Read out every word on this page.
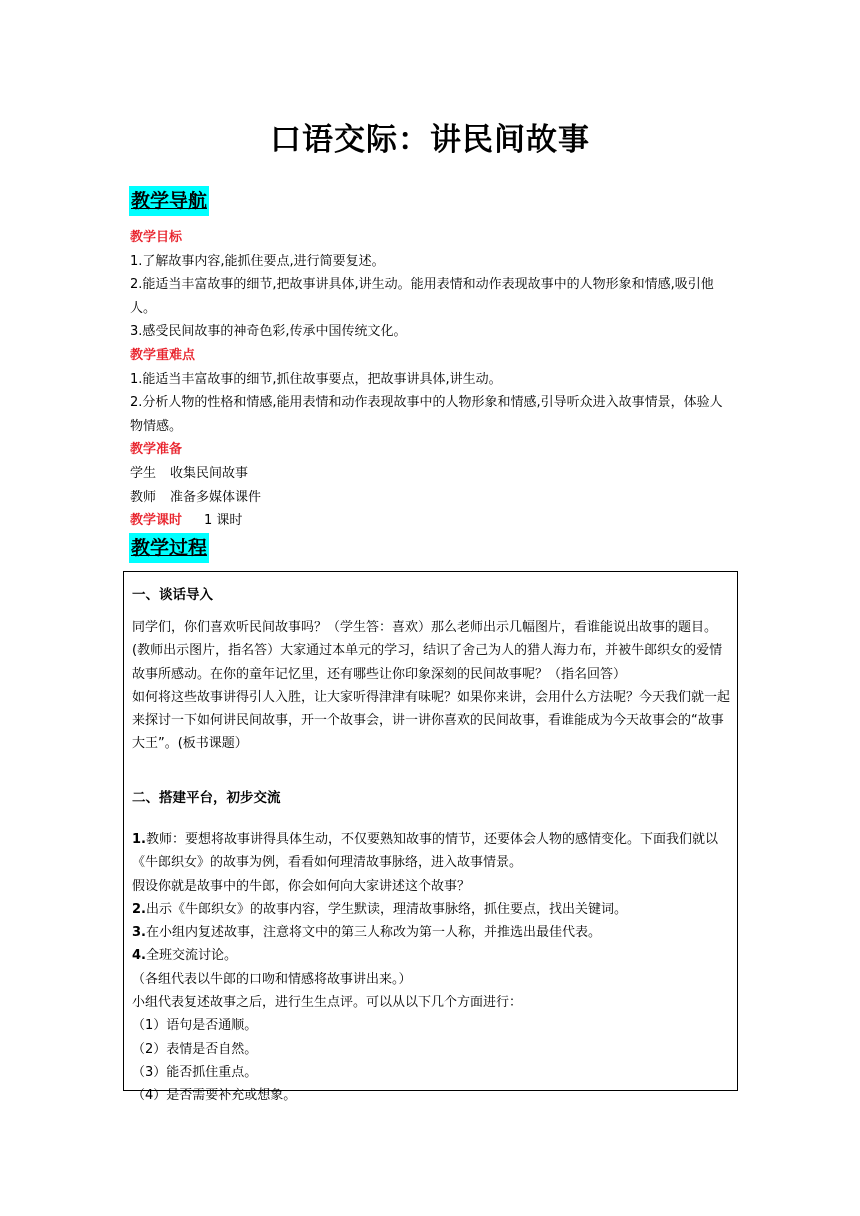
口语交际：讲民间故事
教学导航

教学目标

1.了解故事内容,能抓住要点,进行简要复述。

2.能适当丰富故事的细节,把故事讲具体,讲生动。能用表情和动作表现故事中的人物形象和情感,吸引他人。

3.感受民间故事的神奇色彩,传承中国传统文化。

教学重难点

1.能适当丰富故事的细节,抓住故事要点，把故事讲具体,讲生动。

2.分析人物的性格和情感,能用表情和动作表现故事中的人物形象和情感,引导听众进入故事情景，体验人物情感。

教学准备

学生 收集民间故事

教师 准备多媒体课件

教学课时 1 课时

教学过程

一、谈话导入

同学们，你们喜欢听民间故事吗？（学生答：喜欢）那么老师出示几幅图片，看谁能说出故事的题目。(教师出示图片，指名答）大家通过本单元的学习，结识了舍己为人的猎人海力布，并被牛郎织女的爱情故事所感动。在你的童年记忆里，还有哪些让你印象深刻的民间故事呢？（指名回答）

如何将这些故事讲得引人入胜，让大家听得津津有味呢？如果你来讲，会用什么方法呢？今天我们就一起来探讨一下如何讲民间故事，开一个故事会，讲一讲你喜欢的民间故事，看谁能成为今天故事会的“故事大王”。(板书课题）

二、搭建平台，初步交流

1.教师：要想将故事讲得具体生动，不仅要熟知故事的情节，还要体会人物的感情变化。下面我们就以《牛郎织女》的故事为例，看看如何理清故事脉络，进入故事情景。

假设你就是故事中的牛郎，你会如何向大家讲述这个故事？

2.出示《牛郎织女》的故事内容，学生默读，理清故事脉络，抓住要点，找出关键词。

3.在小组内复述故事，注意将文中的第三人称改为第一人称，并推选出最佳代表。

4.全班交流讨论。

（各组代表以牛郎的口吻和情感将故事讲出来。）

小组代表复述故事之后，进行生生点评。可以从以下几个方面进行：

（1）语句是否通顺。

（2）表情是否自然。

（3）能否抓住重点。

（4）是否需要补充或想象。
